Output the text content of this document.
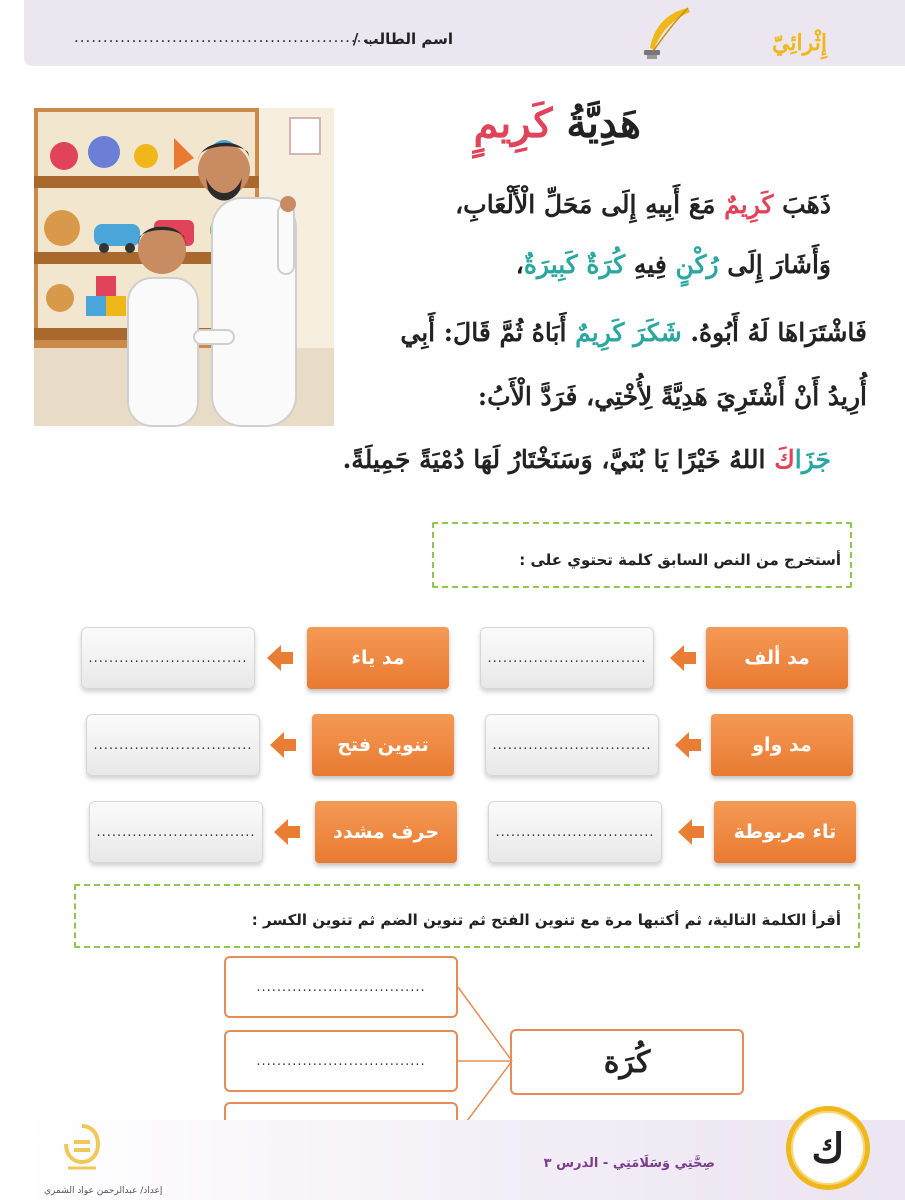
إِثْرائِيّ
اسم الطالب /
......................................................
هَدِيَّةُ كَرِيمٍ
ذَهَبَ كَرِيمٌ مَعَ أَبِيهِ إِلَى مَحَلِّ الْأَلْعَابِ،
وَأَشَارَ إِلَى رُكْنٍ فِيهِ كُرَةٌ كَبِيرَةٌ،
فَاشْتَرَاهَا لَهُ أَبُوهُ. شَكَرَ كَرِيمٌ أَبَاهُ ثُمَّ قَالَ: أَبِي
أُرِيدُ أَنْ أَشْتَرِيَ هَدِيَّةً لِأُخْتِي، فَرَدَّ الْأَبُ:
جَزَاكَ اللهُ خَيْرًا يَا بُنَيَّ، وَسَنَخْتَارُ لَهَا دُمْيَةً جَمِيلَةً.
أستخرج من النص السابق كلمة تحتوي على :
مد ألف
...............................
مد ياء
...............................
مد واو
...............................
تنوين فتح
...............................
تاء مربوطة
...............................
حرف مشدد
...............................
أقرأ الكلمة التالية، ثم أكتبها مرة مع تنوين الفتح ثم تنوين الضم ثم تنوين الكسر :
.................................
.................................	كُرَة
صِحَّتِي وَسَلَامَتِي - الدرس ٣	ك
إعداد/ عبدالرحمن عواد الشمري
